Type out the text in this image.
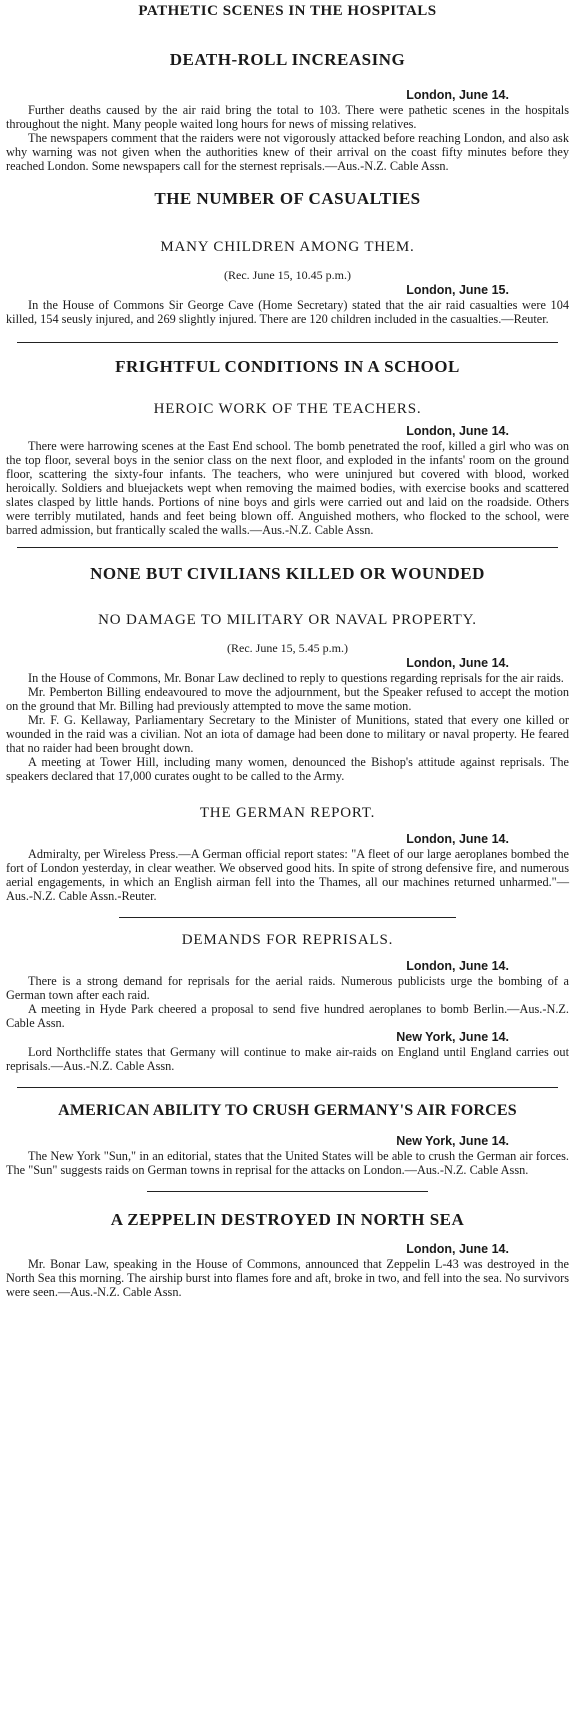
PATHETIC SCENES IN THE HOSPITALS
DEATH-ROLL INCREASING

London, June 14.

Further deaths caused by the air raid bring the total to 103. There were pathetic scenes in the hospitals throughout the night. Many people waited long hours for news of missing relatives.

The newspapers comment that the raiders were not vigorously attacked before reaching London, and also ask why warning was not given when the authorities knew of their arrival on the coast fifty minutes before they reached London. Some newspapers call for the sternest reprisals.—Aus.-N.Z. Cable Assn.

THE NUMBER OF CASUALTIES

MANY CHILDREN AMONG THEM.

(Rec. June 15, 10.45 p.m.)

London, June 15.

In the House of Commons Sir George Cave (Home Secretary) stated that the air raid casualties were 104 killed, 154 seusly injured, and 269 slightly injured. There are 120 children included in the casualties.—Reuter.

FRIGHTFUL CONDITIONS IN A SCHOOL

HEROIC WORK OF THE TEACHERS.

London, June 14.

There were harrowing scenes at the East End school. The bomb penetrated the roof, killed a girl who was on the top floor, several boys in the senior class on the next floor, and exploded in the infants' room on the ground floor, scattering the sixty-four infants. The teachers, who were uninjured but covered with blood, worked heroically. Soldiers and bluejackets wept when removing the maimed bodies, with exercise books and scattered slates clasped by little hands. Portions of nine boys and girls were carried out and laid on the roadside. Others were terribly mutilated, hands and feet being blown off. Anguished mothers, who flocked to the school, were barred admission, but frantically scaled the walls.—Aus.-N.Z. Cable Assn.

NONE BUT CIVILIANS KILLED OR WOUNDED

NO DAMAGE TO MILITARY OR NAVAL PROPERTY.

(Rec. June 15, 5.45 p.m.)

London, June 14.

In the House of Commons, Mr. Bonar Law declined to reply to questions regarding reprisals for the air raids.

Mr. Pemberton Billing endeavoured to move the adjournment, but the Speaker refused to accept the motion on the ground that Mr. Billing had previously attempted to move the same motion.

Mr. F. G. Kellaway, Parliamentary Secretary to the Minister of Munitions, stated that every one killed or wounded in the raid was a civilian. Not an iota of damage had been done to military or naval property. He feared that no raider had been brought down.

A meeting at Tower Hill, including many women, denounced the Bishop's attitude against reprisals. The speakers declared that 17,000 curates ought to be called to the Army.

THE GERMAN REPORT.

London, June 14.

Admiralty, per Wireless Press.—A German official report states: "A fleet of our large aeroplanes bombed the fort of London yesterday, in clear weather. We observed good hits. In spite of strong defensive fire, and numerous aerial engagements, in which an English airman fell into the Thames, all our machines returned unharmed."—Aus.-N.Z. Cable Assn.-Reuter.

DEMANDS FOR REPRISALS.

London, June 14.

There is a strong demand for reprisals for the aerial raids. Numerous publicists urge the bombing of a German town after each raid.

A meeting in Hyde Park cheered a proposal to send five hundred aeroplanes to bomb Berlin.—Aus.-N.Z. Cable Assn.

New York, June 14.

Lord Northcliffe states that Germany will continue to make air-raids on England until England carries out reprisals.—Aus.-N.Z. Cable Assn.

AMERICAN ABILITY TO CRUSH GERMANY'S AIR FORCES

New York, June 14.

The New York "Sun," in an editorial, states that the United States will be able to crush the German air forces. The "Sun" suggests raids on German towns in reprisal for the attacks on London.—Aus.-N.Z. Cable Assn.

A ZEPPELIN DESTROYED IN NORTH SEA

London, June 14.

Mr. Bonar Law, speaking in the House of Commons, announced that Zeppelin L-43 was destroyed in the North Sea this morning. The airship burst into flames fore and aft, broke in two, and fell into the sea. No survivors were seen.—Aus.-N.Z. Cable Assn.
